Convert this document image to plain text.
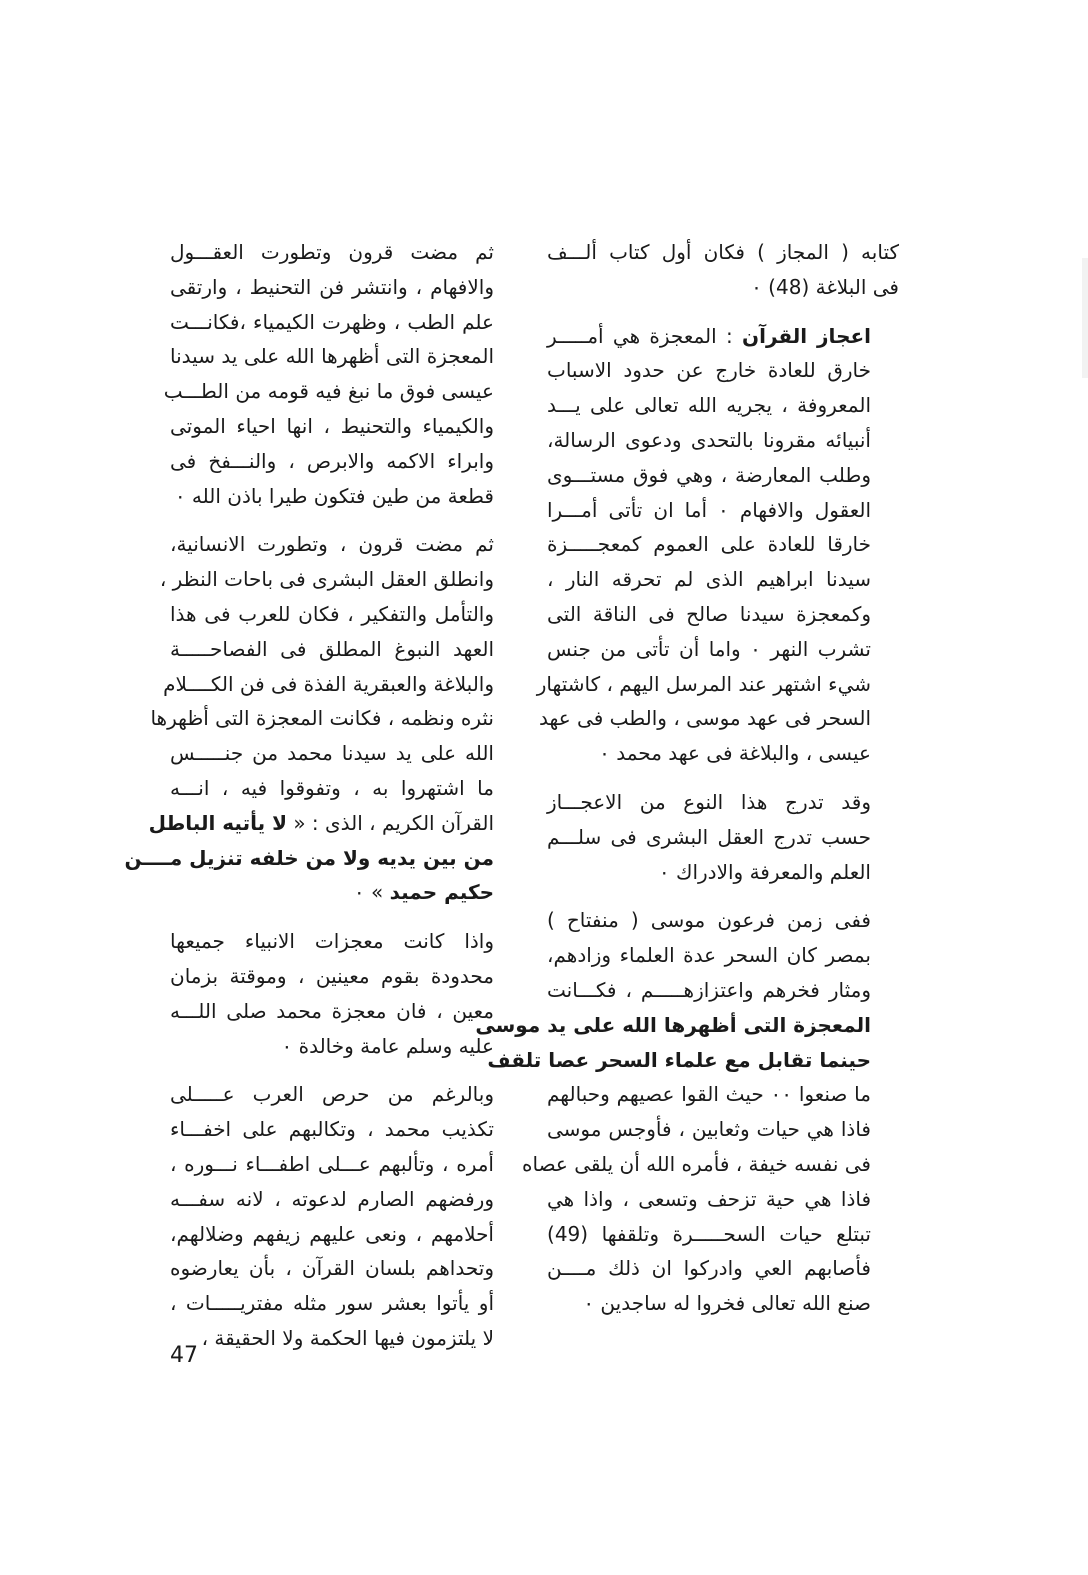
كتابه ( المجاز ) فكان أول كتاب ألـــف
فى البلاغة (48) ٠
اعجاز القرآن : المعجزة هي أمـــــر
خارق للعادة خارج عن حدود الاسباب
المعروفة ، يجريه الله تعالى على يـــد
أنبيائه مقرونا بالتحدى ودعوى الرسالة،
وطلب المعارضة ، وهي فوق مستـــوى
العقول والافهام ٠ أما ان تأتى أمـــرا
خارقا للعادة على العموم كمعجـــــزة
سيدنا ابراهيم الذى لم تحرقه النار ،
وكمعجزة سيدنا صالح فى الناقة التى
تشرب النهر ٠ واما أن تأتى من جنس
شيء اشتهر عند المرسل اليهم ، كاشتهار
السحر فى عهد موسى ، والطب فى عهد
عيسى ، والبلاغة فى عهد محمد ٠
وقد تدرج هذا النوع من الاعجـــاز
حسب تدرج العقل البشرى فى سلـــم
العلم والمعرفة والادراك ٠
ففى زمن فرعون موسى ( منفتاح )
بمصر كان السحر عدة العلماء وزادهم،
ومثار فخرهم واعتزازهـــــم ، فكـــانت
المعجزة التى أظهرها الله على يد موسى
حينما تقابل مع علماء السحر عصا تلقف
ما صنعوا ٠٠ حيث القوا عصيهم وحبالهم
فاذا هي حيات وثعابين ، فأوجس موسى
فى نفسه خيفة ، فأمره الله أن يلقى عصاه
فاذا هي حية تزحف وتسعى ، واذا هي
تبتلع حيات السحـــــرة وتلقفها (49)
فأصابهم العي وادركوا ان ذلك مــــن
صنع الله تعالى فخروا له ساجدين ٠
ثم مضت قرون وتطورت العقـــول
والافهام ، وانتشر فن التحنيط ، وارتقى
علم الطب ، وظهرت الكيمياء ،فكانـــت
المعجزة التى أظهرها الله على يد سيدنا
عيسى فوق ما نبغ فيه قومه من الطـــب
والكيمياء والتحنيط ، انها احياء الموتى
وابراء الاكمه والابرص ، والنـــفخ فى
قطعة من طين فتكون طيرا باذن الله ٠
ثم مضت قرون ، وتطورت الانسانية،
وانطلق العقل البشرى فى باحات النظر ،
والتأمل والتفكير ، فكان للعرب فى هذا
العهد النبوغ المطلق فى الفصاحـــــة
والبلاغة والعبقرية الفذة فى فن الكــــلام
نثره ونظمه ، فكانت المعجزة التى أظهرها
الله على يد سيدنا محمد من جنـــــس
ما اشتهروا به ، وتفوقوا فيه ، انـــه
القرآن الكريم ، الذى : « لا يأتيه الباطل
من بين يديه ولا من خلفه تنزيل مــــن
حكيم حميد » ٠
واذا كانت معجزات الانبياء جميعها
محدودة بقوم معينين ، وموقتة بزمان
معين ، فان معجزة محمد صلى اللـــه
عليه وسلم عامة وخالدة ٠
وبالرغم من حرص العرب عـــــلى
تكذيب محمد ، وتكالبهم على اخفـــاء
أمره ، وتألبهم عـــلى اطفـــاء نـــوره ،
ورفضهم الصارم لدعوته ، لانه سفـــه
أحلامهم ، ونعى عليهم زيفهم وضلالهم،
وتحداهم بلسان القرآن ، بأن يعارضوه
أو يأتوا بعشر سور مثله مفتريـــــات ،
لا يلتزمون فيها الحكمة ولا الحقيقة ،
47
